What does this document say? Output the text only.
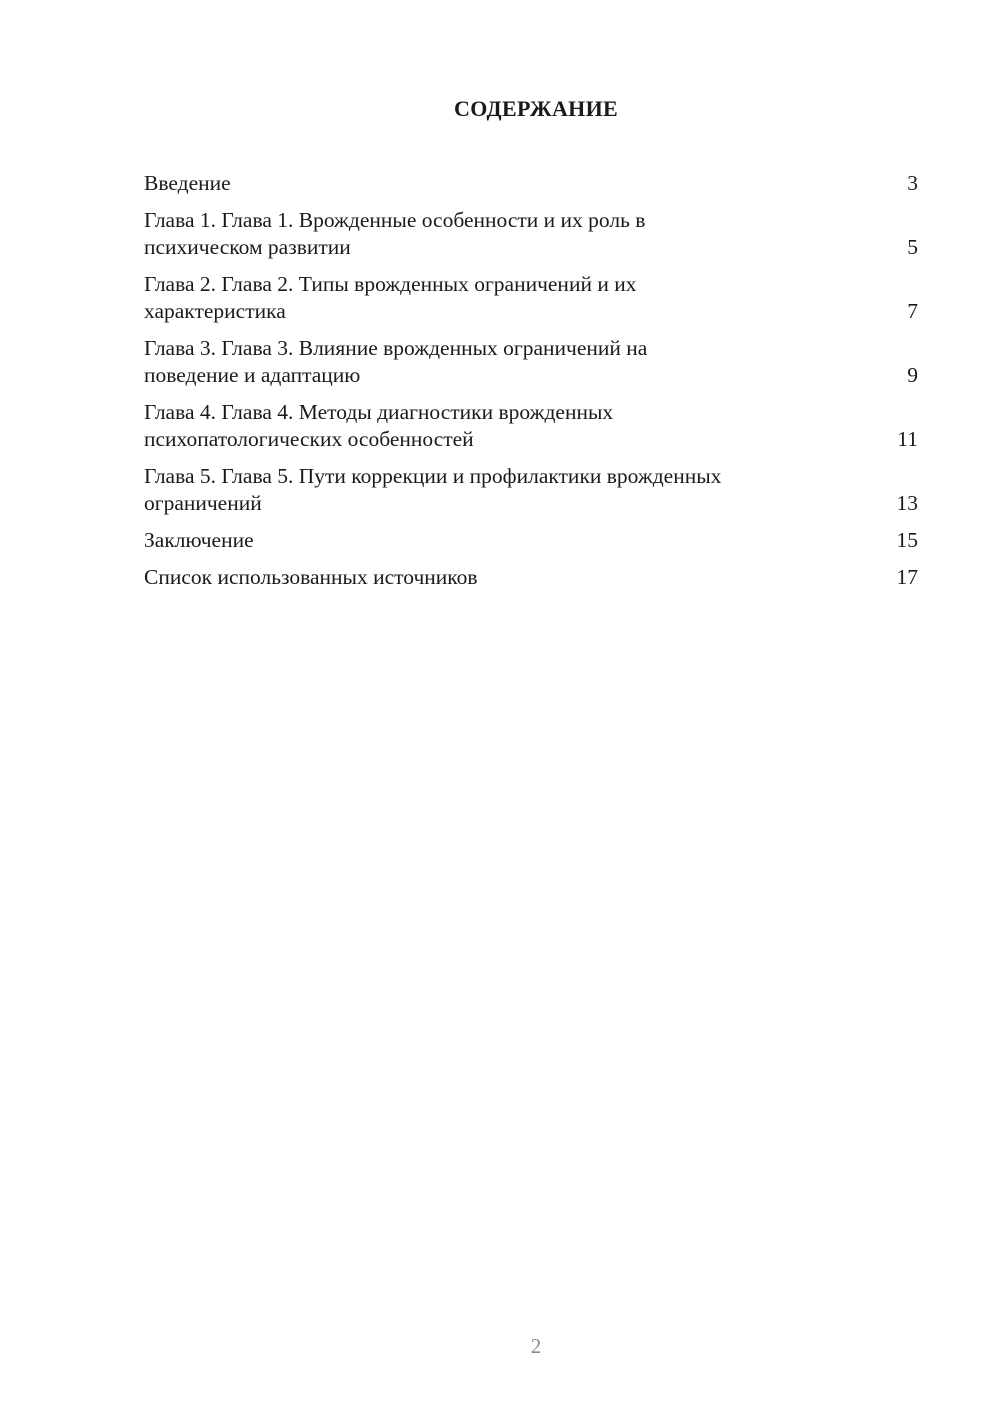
СОДЕРЖАНИЕ
Введение	3
Глава 1. Глава 1. Врожденные особенности и их роль в
психическом развитии	5
Глава 2. Глава 2. Типы врожденных ограничений и их
характеристика	7
Глава 3. Глава 3. Влияние врожденных ограничений на
поведение и адаптацию	9
Глава 4. Глава 4. Методы диагностики врожденных
психопатологических особенностей	11
Глава 5. Глава 5. Пути коррекции и профилактики врожденных
ограничений	13
Заключение	15
Список использованных источников	17
2
